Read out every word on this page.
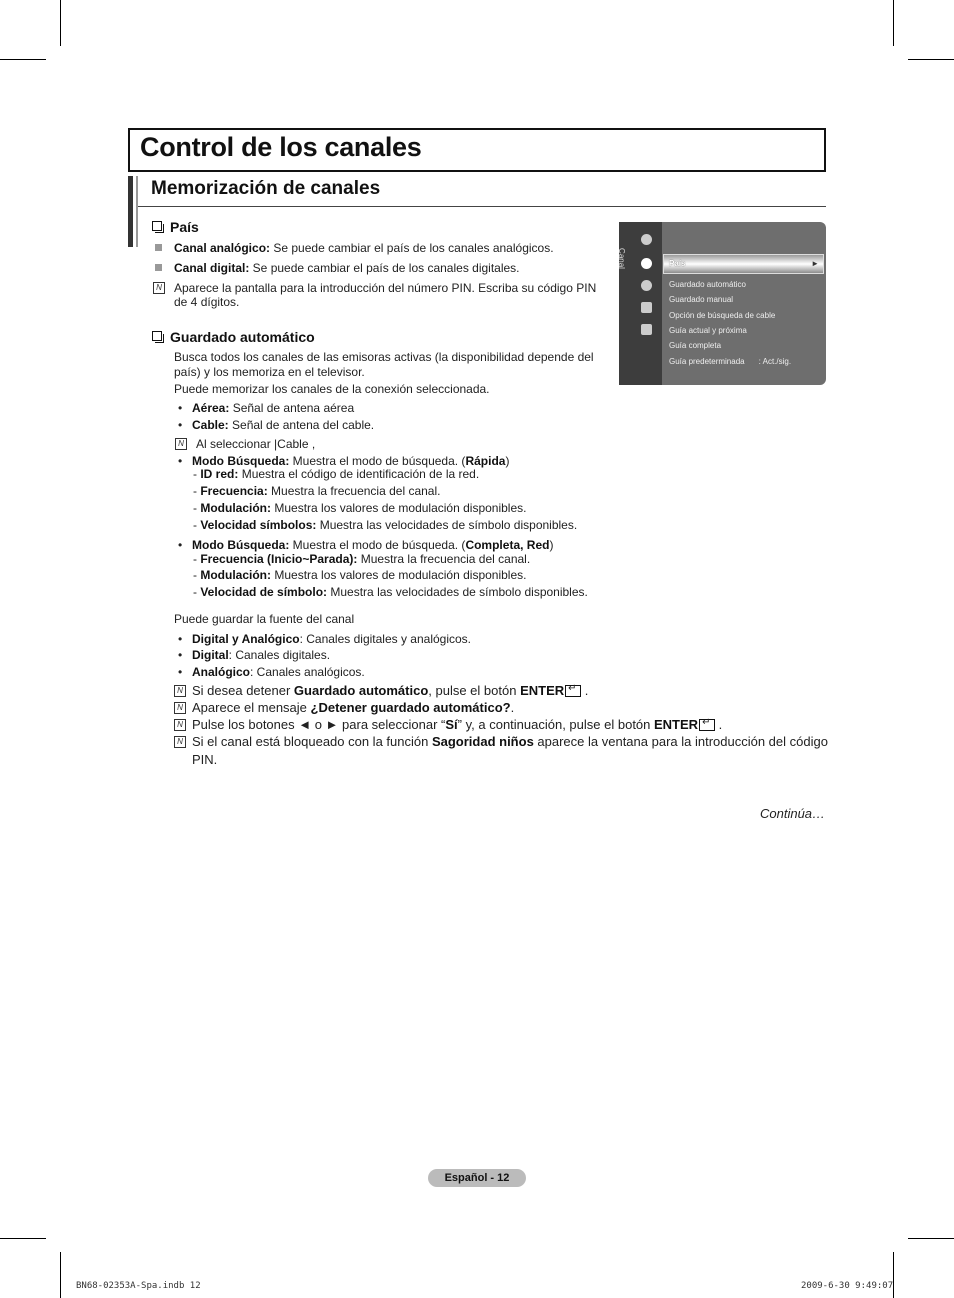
Control de los canales
Memorización de canales
País
Canal analógico: Se puede cambiar el país de los canales analógicos.
Canal digital: Se puede cambiar el país de los canales digitales.
N Aparece la pantalla para la introducción del número PIN. Escriba su código PIN
de 4 dígitos.
Guardado automático
Busca todos los canales de las emisoras activas (la disponibilidad depende del
país) y los memoriza en el televisor.
Puede memorizar los canales de la conexión seleccionada.
• Aérea: Señal de antena aérea
• Cable: Señal de antena del cable.
N Al seleccionar |Cable ,
• Modo Búsqueda: Muestra el modo de búsqueda. (Rápida)
- ID red: Muestra el código de identificación de la red.
- Frecuencia: Muestra la frecuencia del canal.
- Modulación: Muestra los valores de modulación disponibles.
- Velocidad símbolos: Muestra las velocidades de símbolo disponibles.
• Modo Búsqueda: Muestra el modo de búsqueda. (Completa, Red)
- Frecuencia (Inicio~Parada): Muestra la frecuencia del canal.
- Modulación: Muestra los valores de modulación disponibles.
- Velocidad de símbolo: Muestra las velocidades de símbolo disponibles.
Puede guardar la fuente del canal
• Digital y Analógico: Canales digitales y analógicos.
• Digital: Canales digitales.
• Analógico: Canales analógicos.
N Si desea detener Guardado automático, pulse el botón ENTER↵ .
N Aparece el mensaje ¿Detener guardado automático?.
N Pulse los botones ◄ o ► para seleccionar “Sí” y, a continuación, pulse el botón ENTER↵ .
N Si el canal está bloqueado con la función Sagoridad niños aparece la ventana para la introducción del código
PIN.
Canal	País	►
Guardado automático
Guardado manual
Opción de búsqueda de cable
Guía actual y próxima
Guía completa
Guía predeterminada : Act./sig.
Continúa…
Español - 12
BN68-02353A-Spa.indb 12	2009-6-30 9:49:07
